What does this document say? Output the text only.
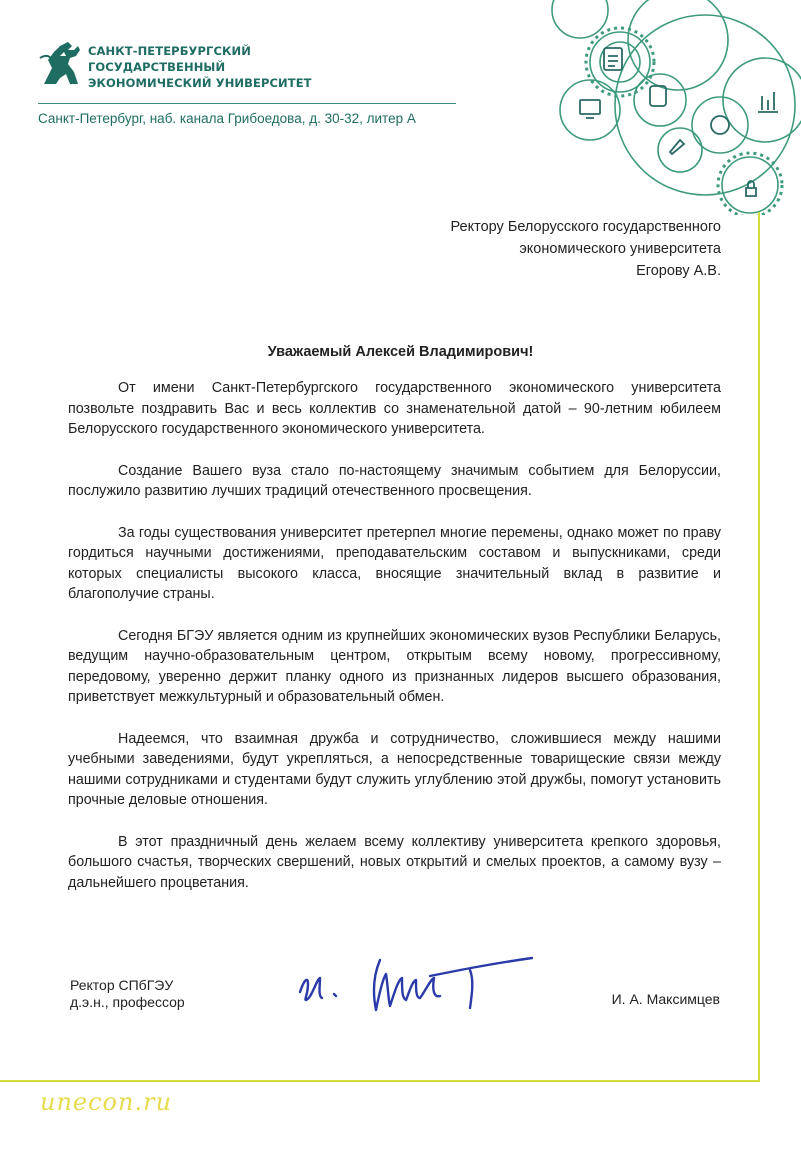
САНКТ-ПЕТЕРБУРГСКИЙ
ГОСУДАРСТВЕННЫЙ
ЭКОНОМИЧЕСКИЙ УНИВЕРСИТЕТ
Санкт-Петербург, наб. канала Грибоедова, д. 30-32, литер А
Ректору Белорусского государственного
экономического университета
Егорову А.В.
Уважаемый Алексей Владимирович!

От имени Санкт-Петербургского государственного экономического университета позвольте поздравить Вас и весь коллектив со знаменательной датой – 90-летним юбилеем Белорусского государственного экономического университета.

Создание Вашего вуза стало по-настоящему значимым событием для Белоруссии, послужило развитию лучших традиций отечественного просвещения.

За годы существования университет претерпел многие перемены, однако может по праву гордиться научными достижениями, преподавательским составом и выпускниками, среди которых специалисты высокого класса, вносящие значительный вклад в развитие и благополучие страны.

Сегодня БГЭУ является одним из крупнейших экономических вузов Республики Беларусь, ведущим научно-образовательным центром, открытым всему новому, прогрессивному, передовому, уверенно держит планку одного из признанных лидеров высшего образования, приветствует межкультурный и образовательный обмен.

Надеемся, что взаимная дружба и сотрудничество, сложившиеся между нашими учебными заведениями, будут укрепляться, а непосредственные товарищеские связи между нашими сотрудниками и студентами будут служить углублению этой дружбы, помогут установить прочные деловые отношения.

В этот праздничный день желаем всему коллективу университета крепкого здоровья, большого счастья, творческих свершений, новых открытий и смелых проектов, а самому вузу – дальнейшего процветания.

Ректор СПбГЭУ
д.э.н., профессор	И. А. Максимцев
unecon.ru
